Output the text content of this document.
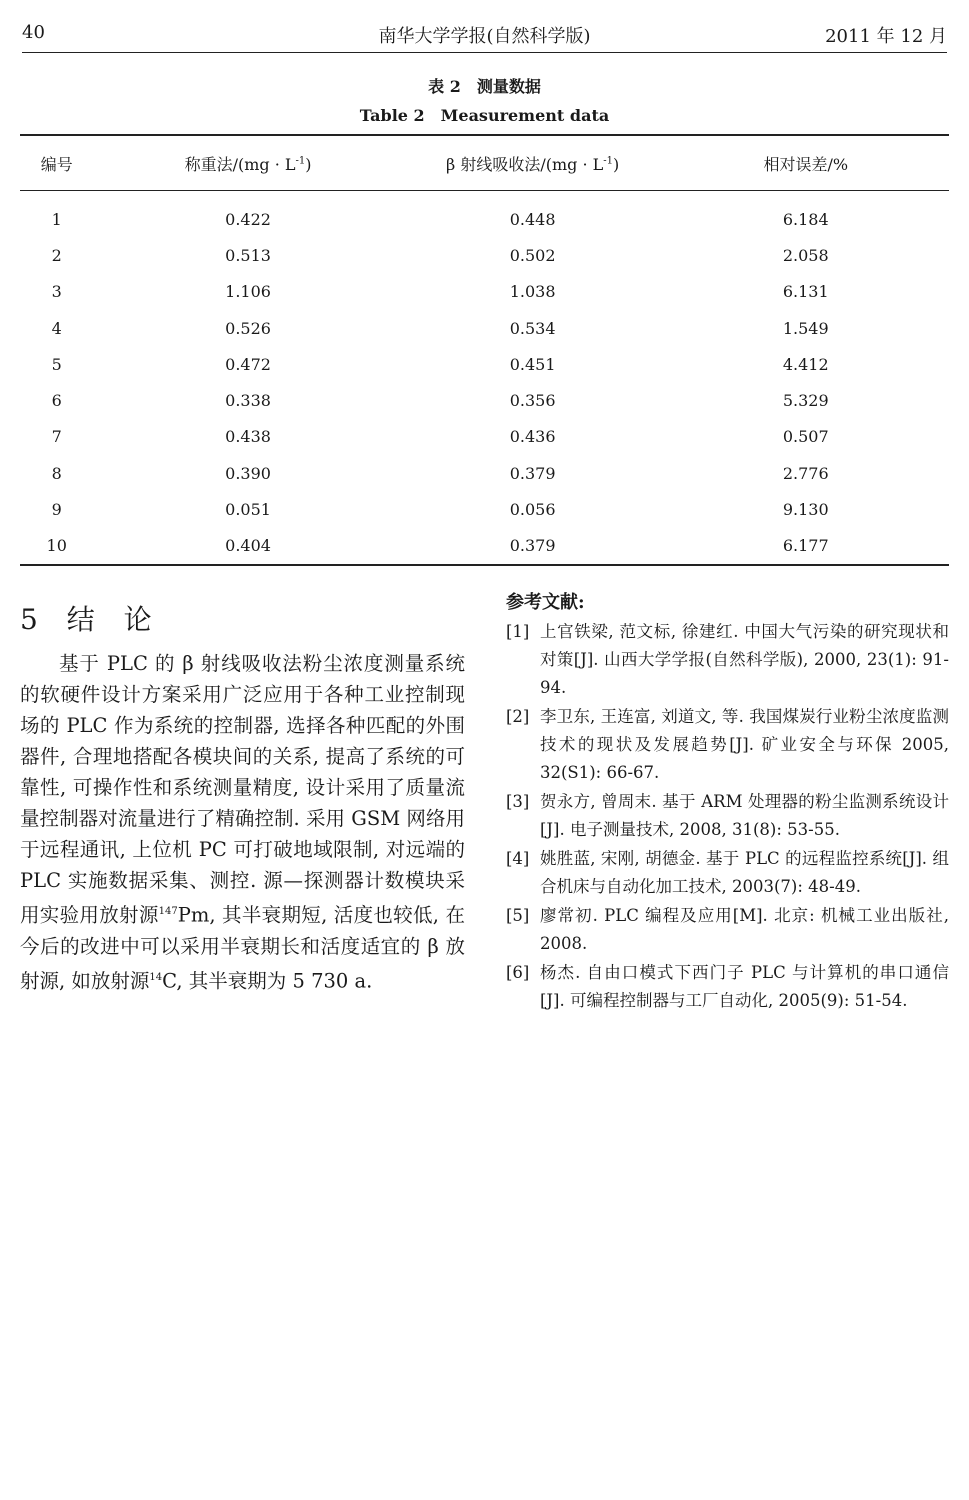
40	南华大学学报(自然科学版)	2011 年 12 月
表 2　测量数据
Table 2　Measurement data
编号	称重法$/(mg \cdot L^{-1})$	β 射线吸收法$/(mg \cdot L^{-1})$	相对误差/%
1	0.422	0.448	6.184
2	0.513	0.502	2.058
3	1.106	1.038	6.131
4	0.526	0.534	1.549
5	0.472	0.451	4.412
6	0.338	0.356	5.329
7	0.438	0.436	0.507
8	0.390	0.379	2.776
9	0.051	0.056	9.130
10	0.404	0.379	6.177
5 结 论

基于 PLC 的 β 射线吸收法粉尘浓度测量系统的软硬件设计方案采用广泛应用于各种工业控制现场的 PLC 作为系统的控制器, 选择各种匹配的外围器件, 合理地搭配各模块间的关系, 提高了系统的可靠性, 可操作性和系统测量精度, 设计采用了质量流量控制器对流量进行了精确控制. 采用 GSM 网络用于远程通讯, 上位机 PC 可打破地域限制, 对远端的 PLC 实施数据采集、测控. 源—探测器计数模块采用实验用放射源$^{147}$Pm, 其半衰期短, 活度也较低, 在今后的改进中可以采用半衰期长和活度适宜的 β 放射源, 如放射源$^{14}$C, 其半衰期为 5 730 a.

参考文献:
[1] 上官铁梁, 范文标, 徐建红. 中国大气污染的研究现状和对策[J]. 山西大学学报(自然科学版), 2000, 23(1): 91-94.
[2] 李卫东, 王连富, 刘道文, 等. 我国煤炭行业粉尘浓度监测技术的现状及发展趋势[J]. 矿业安全与环保 2005, 32(S1): 66-67.
[3] 贺永方, 曾周末. 基于 ARM 处理器的粉尘监测系统设计[J]. 电子测量技术, 2008, 31(8): 53-55.
[4] 姚胜蓝, 宋刚, 胡德金. 基于 PLC 的远程监控系统[J]. 组合机床与自动化加工技术, 2003(7): 48-49.
[5] 廖常初. PLC 编程及应用[M]. 北京: 机械工业出版社, 2008.
[6] 杨杰. 自由口模式下西门子 PLC 与计算机的串口通信[J]. 可编程控制器与工厂自动化, 2005(9): 51-54.
